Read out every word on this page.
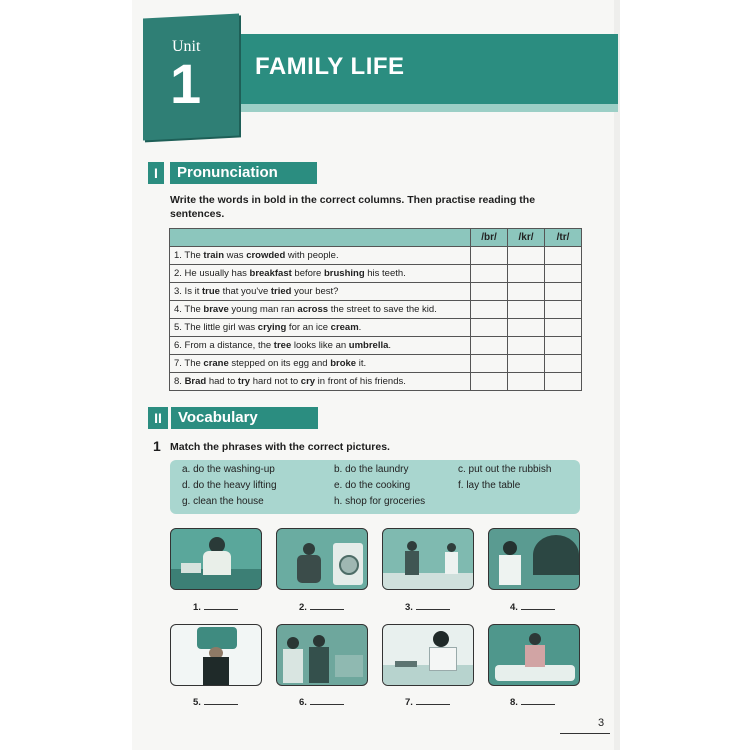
Unit
1 FAMILY LIFE
I	Pronunciation
Write the words in bold in the correct columns. Then practise reading the sentences.
	/br/	/kr/	/tr/
1. The train was crowded with people.			
2. He usually has breakfast before brushing his teeth.			
3. Is it true that you've tried your best?			
4. The brave young man ran across the street to save the kid.			
5. The little girl was crying for an ice cream.			
6. From a distance, the tree looks like an umbrella.			
7. The crane stepped on its egg and broke it.			
8. Brad had to try hard not to cry in front of his friends.			
II	Vocabulary
1 Match the phrases with the correct pictures.
a. do the washing-up	b. do the laundry	c. put out the rubbish
d. do the heavy lifting	e. do the cooking	f. lay the table
g. clean the house	h. shop for groceries
1.	2.	3.	4.
5.	6.	7.	8.
3
